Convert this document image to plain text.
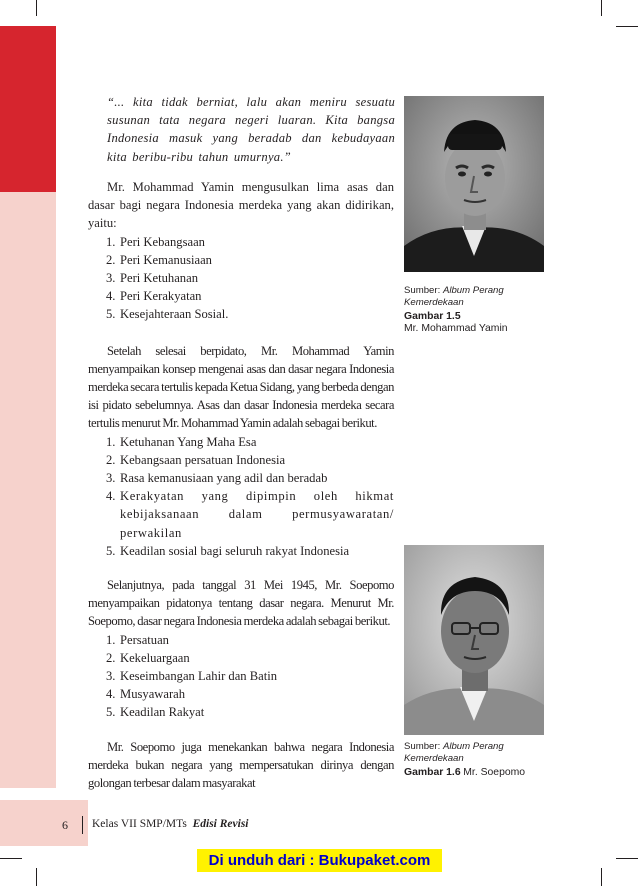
“... kita tidak berniat, lalu akan meniru sesuatu susunan tata negara negeri luaran. Kita bangsa Indonesia masuk yang beradab dan kebudayaan kita beribu-ribu tahun umurnya.”

Mr. Mohammad Yamin mengusulkan lima asas dan dasar bagi negara Indonesia merdeka yang akan didirikan, yaitu:

1. Peri Kebangsaan
2. Peri Kemanusiaan
3. Peri Ketuhanan
4. Peri Kerakyatan
5. Kesejahteraan Sosial.

Setelah selesai berpidato, Mr. Mohammad Yamin menyampaikan konsep mengenai asas dan dasar negara Indonesia merdeka secara tertulis kepada Ketua Sidang, yang berbeda dengan isi pidato sebelumnya. Asas dan dasar Indonesia merdeka secara tertulis menurut Mr. Mohammad Yamin adalah sebagai berikut.

1. Ketuhanan Yang Maha Esa
2. Kebangsaan persatuan Indonesia
3. Rasa kemanusiaan yang adil dan beradab
4. Kerakyatan yang dipimpin oleh hikmat kebijaksanaan dalam permusyawaratan/ perwakilan
5. Keadilan sosial bagi seluruh rakyat Indonesia

Selanjutnya, pada tanggal 31 Mei 1945, Mr. Soepomo menyampaikan pidatonya tentang dasar negara. Menurut Mr. Soepomo, dasar negara Indonesia merdeka adalah sebagai berikut.

1. Persatuan
2. Kekeluargaan
3. Keseimbangan Lahir dan Batin
4. Musyawarah
5. Keadilan Rakyat

Mr. Soepomo juga menekankan bahwa negara Indonesia merdeka bukan negara yang mempersatukan dirinya dengan golongan terbesar dalam masyarakat

Sumber: Album Perang Kemerdekaan
Gambar 1.5
Mr. Mohammad Yamin
Sumber: Album Perang Kemerdekaan
Gambar 1.6 Mr. Soepomo
6 Kelas VII SMP/MTs Edisi Revisi
Di unduh dari : Bukupaket.com
